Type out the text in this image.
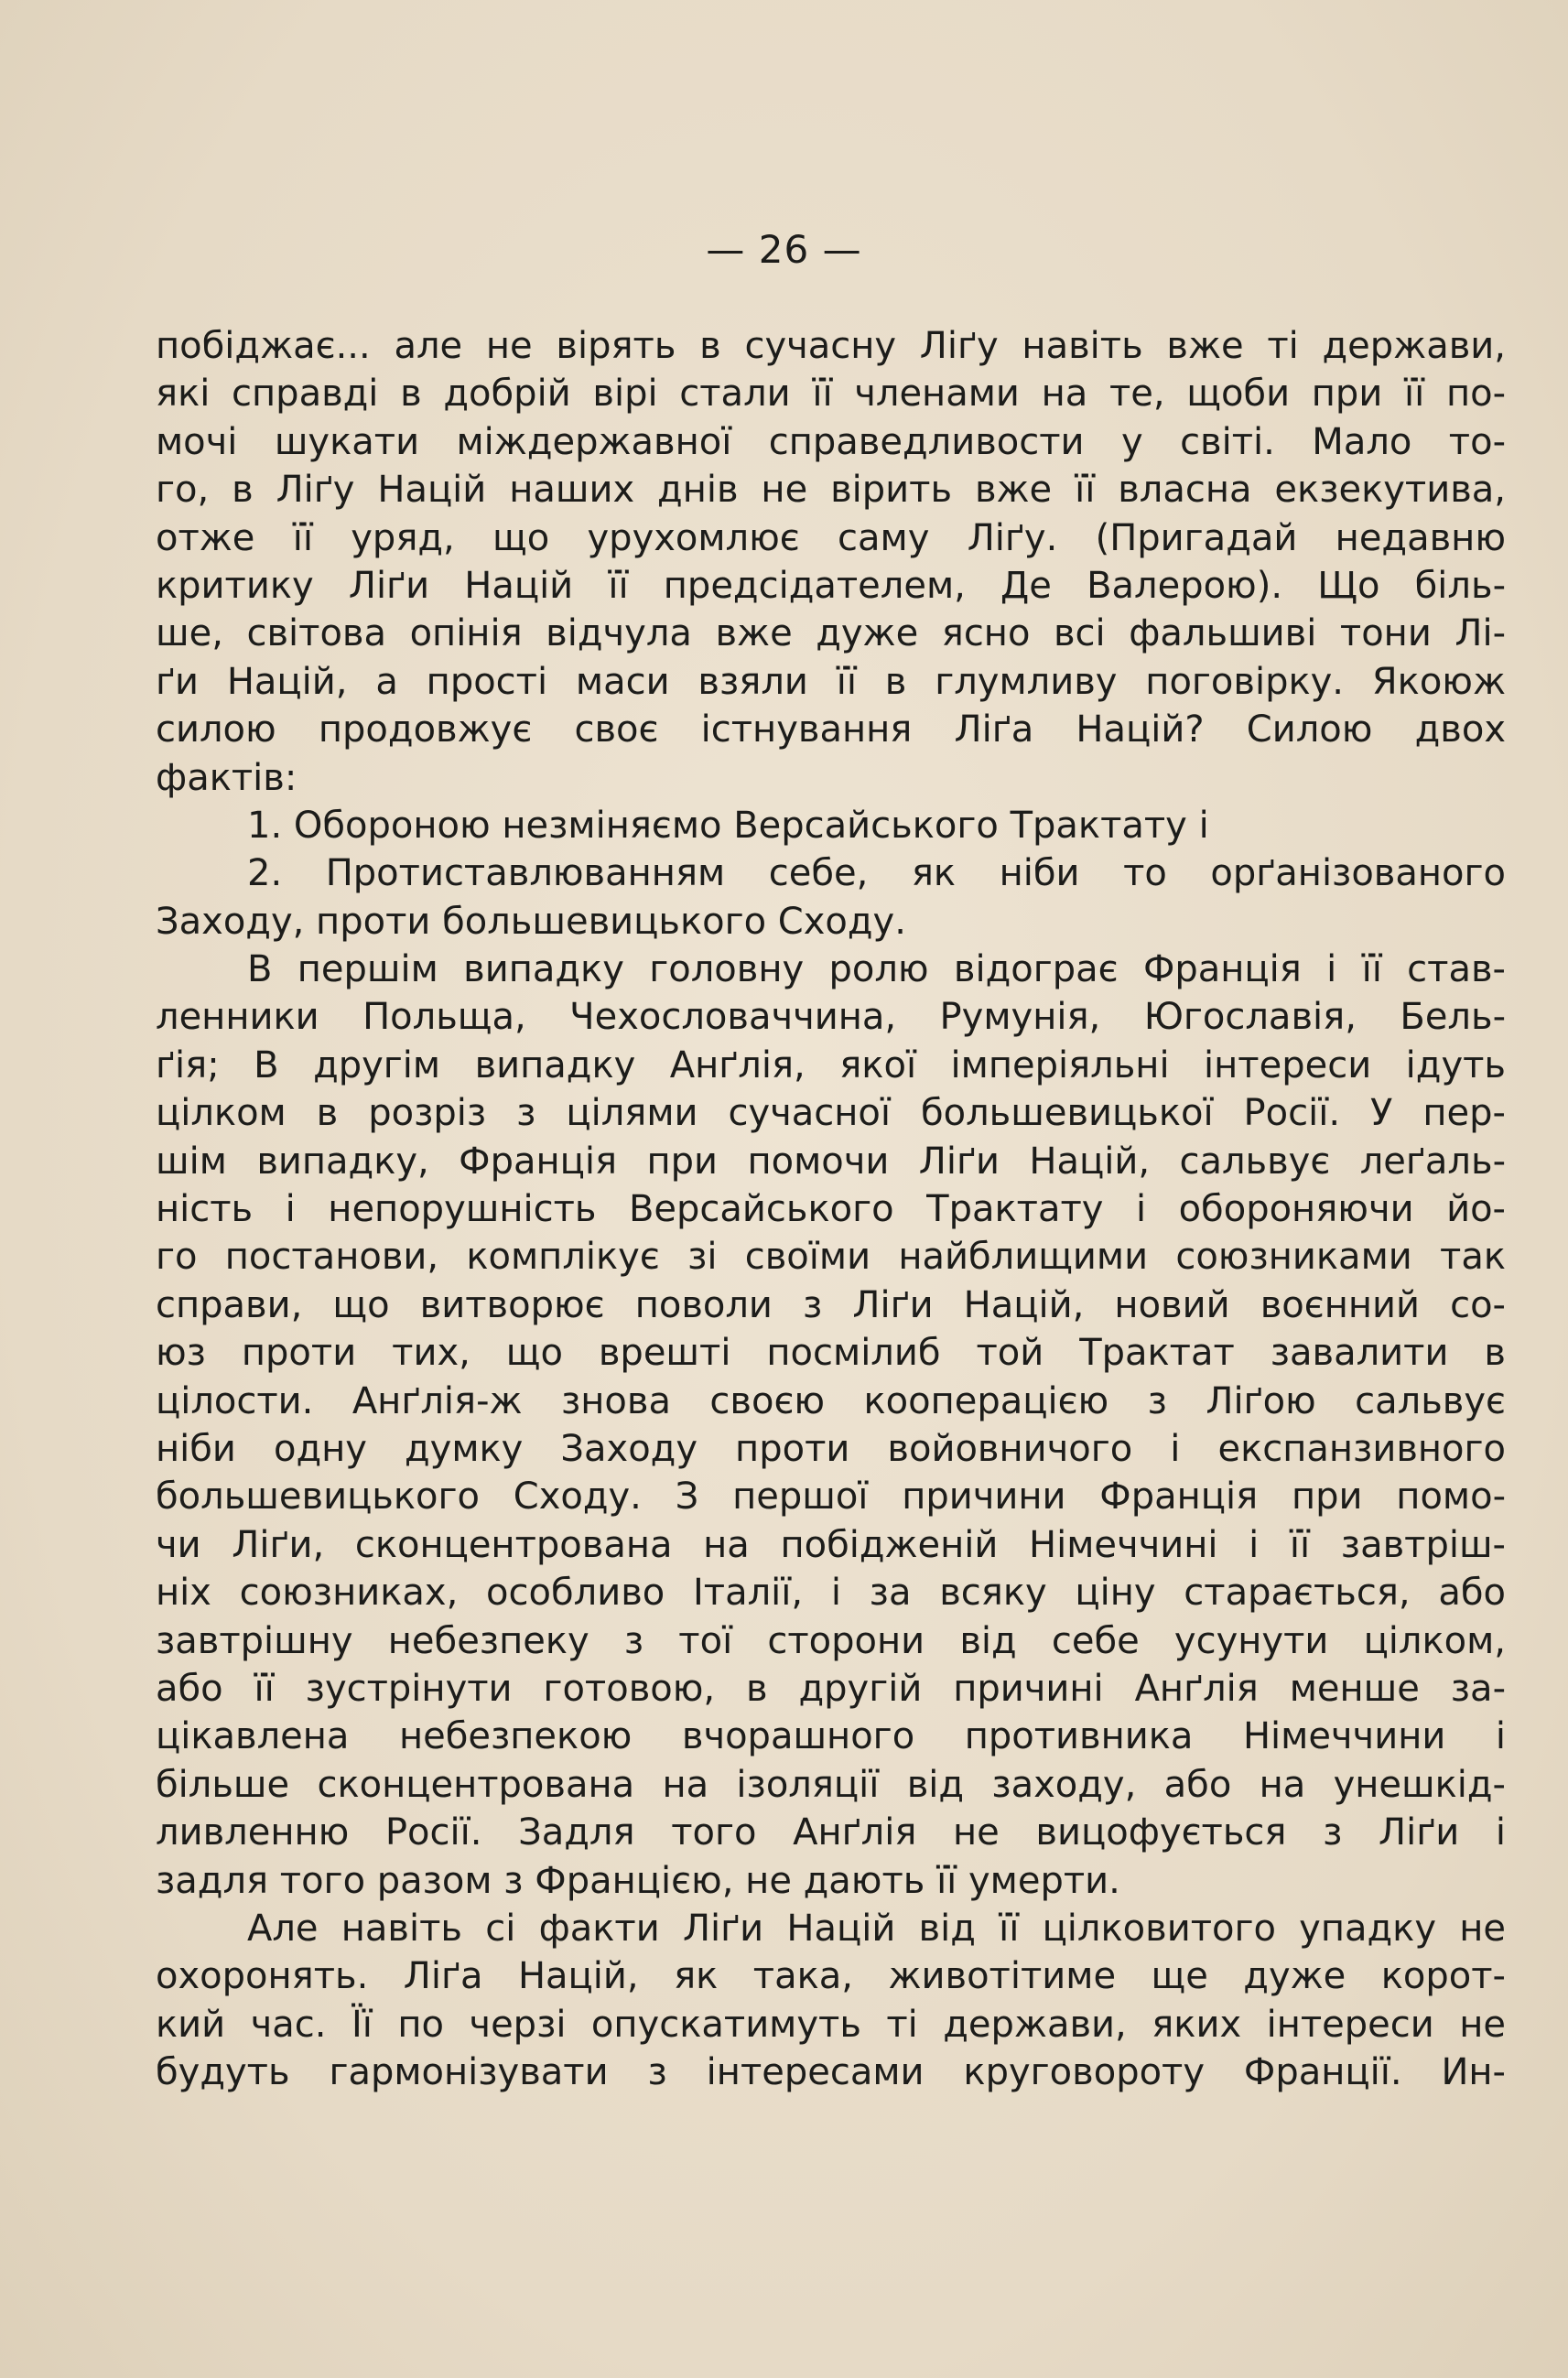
— 26 —
побіджає... але не вірять в сучасну Ліґу навіть вже ті держави,
які справді в добрій вірі стали її членами на те, щоби при її по-
мочі шукати міждержавної справедливости у світі. Мало то-
го, в Ліґу Націй наших днів не вірить вже її власна екзекутива,
отже її уряд, що урухомлює саму Ліґу. (Пригадай недавню
критику Ліґи Націй її предсідателем, Де Валерою). Що біль-
ше, світова опінія відчула вже дуже ясно всі фальшиві тони Лі-
ґи Націй, а прості маси взяли її в глумливу поговірку. Якоюж
силою продовжує своє істнування Ліґа Націй? Силою двох
фактів:
1. Обороною незміняємо Версайського Трактату і
2. Протиставлюванням себе, як ніби то орґанізованого
Заходу, проти большевицького Сходу.
В першім випадку головну ролю відограє Франція і її став-
ленники Польща, Чехословаччина, Румунія, Югославія, Бель-
ґія; В другім випадку Анґлія, якої імперіяльні інтереси ідуть
цілком в розріз з цілями сучасної большевицької Росії. У пер-
шім випадку, Франція при помочи Ліґи Націй, сальвує леґаль-
ність і непорушність Версайського Трактату і обороняючи йо-
го постанови, комплікує зі своїми найблищими союзниками так
справи, що витворює поволи з Ліґи Націй, новий воєнний со-
юз проти тих, що врешті посмілиб той Трактат завалити в
цілости. Анґлія-ж знова своєю кооперацією з Ліґою сальвує
ніби одну думку Заходу проти войовничого і експанзивного
большевицького Сходу. З першої причини Франція при помо-
чи Ліґи, сконцентрована на побідженій Німеччині і її завтріш-
ніх союзниках, особливо Італії, і за всяку ціну старається, або
завтрішну небезпеку з тої сторони від себе усунути цілком,
або її зустрінути готовою, в другій причині Анґлія менше за-
цікавлена небезпекою вчорашного противника Німеччини і
більше сконцентрована на ізоляції від заходу, або на унешкід-
ливленню Росії. Задля того Анґлія не вицофується з Ліґи і
задля того разом з Францією, не дають її умерти.
Але навіть сі факти Ліґи Націй від її цілковитого упадку не
охоронять. Ліґа Націй, як така, животітиме ще дуже корот-
кий час. Її по черзі опускатимуть ті держави, яких інтереси не
будуть гармонізувати з інтересами круговороту Франції. Ин-
